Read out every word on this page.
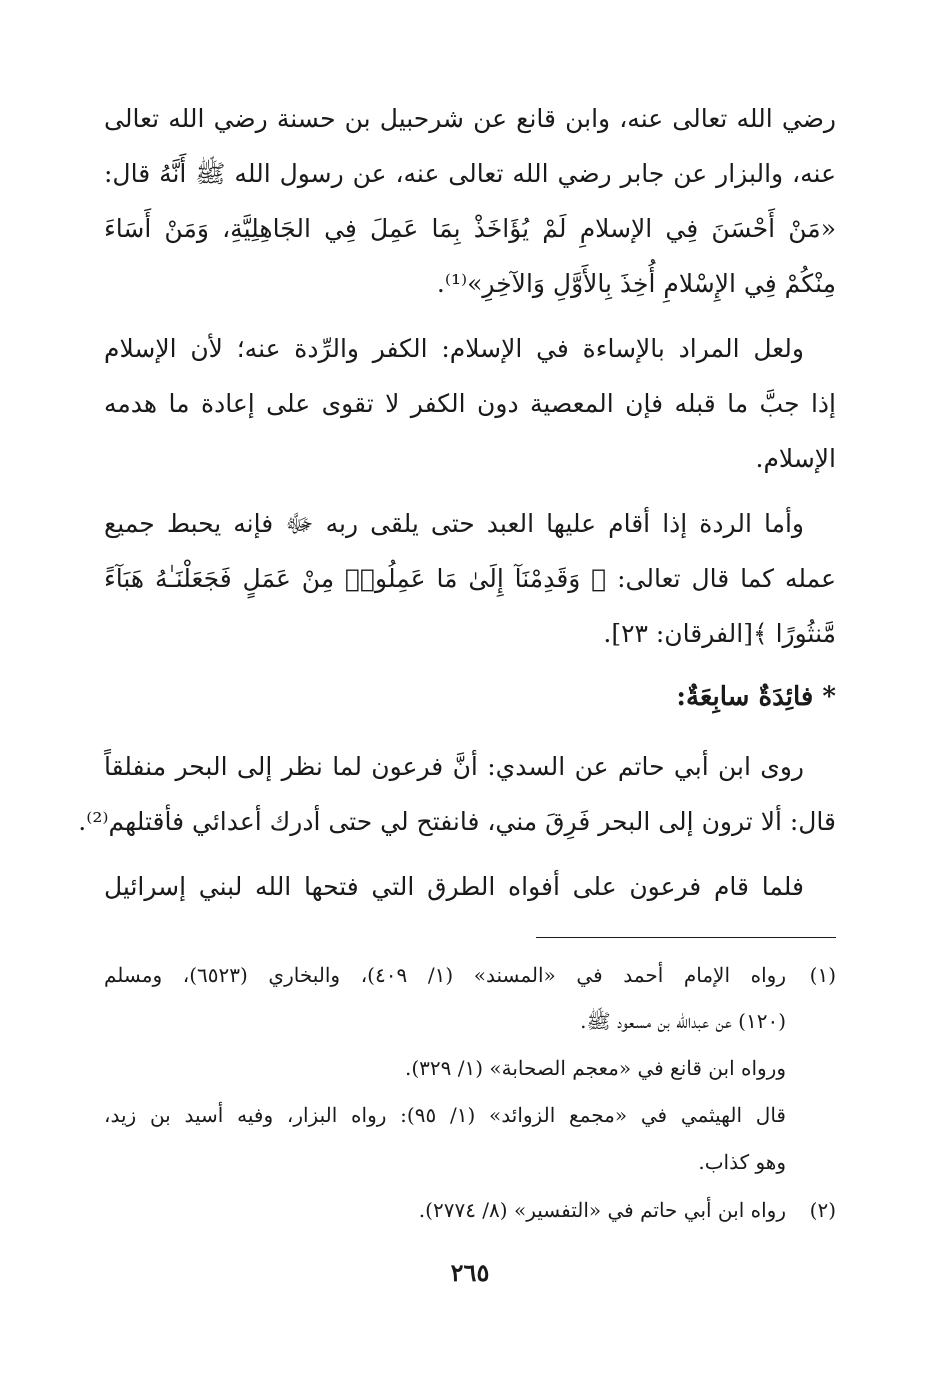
رضي الله تعالى عنه، وابن قانع عن شرحبيل بن حسنة رضي الله تعالى
عنه، والبزار عن جابر رضي الله تعالى عنه، عن رسول الله ﷺ أَنَّهُ قال:
«مَنْ أَحْسَنَ فِي الإسلامِ لَمْ يُؤَاخَذْ بِمَا عَمِلَ فِي الجَاهِلِيَّةِ، وَمَنْ أَسَاءَ
مِنْكُمْ فِي الإِسْلامِ أُخِذَ بِالأَوَّلِ وَالآخِرِ»⁽¹⁾.
ولعل المراد بالإساءة في الإسلام: الكفر والرِّدة عنه؛ لأن الإسلام
إذا جبَّ ما قبله فإن المعصية دون الكفر لا تقوى على إعادة ما هدمه
الإسلام.
وأما الردة إذا أقام عليها العبد حتى يلقى ربه ﷻ فإنه يحبط جميع
عمله كما قال تعالى: ﴿ وَقَدِمْنَآ إِلَىٰ مَا عَمِلُوا۟ مِنْ عَمَلٍ فَجَعَلْنَـٰهُ هَبَآءً
مَّنثُورًا ﴾[الفرقان: ٢٣].
* فائِدَةٌ سابِعَةٌ:
روى ابن أبي حاتم عن السدي: أنَّ فرعون لما نظر إلى البحر منفلقاً
قال: ألا ترون إلى البحر فَرِقَ مني، فانفتح لي حتى أدرك أعدائي فأقتلهم⁽²⁾.
فلما قام فرعون على أفواه الطرق التي فتحها الله لبني إسرائيل
(١)
رواه الإمام أحمد في «المسند» (١/ ٤٠٩)، والبخاري (٦٥٢٣)، ومسلم
(١٢٠) عن عبدالله بن مسعود ﷺ.
ورواه ابن قانع في «معجم الصحابة» (١/ ٣٢٩).
قال الهيثمي في «مجمع الزوائد» (١/ ٩٥): رواه البزار، وفيه أسيد بن زيد،
وهو كذاب.
(٢)
رواه ابن أبي حاتم في «التفسير» (٨/ ٢٧٧٤).
٢٦٥
